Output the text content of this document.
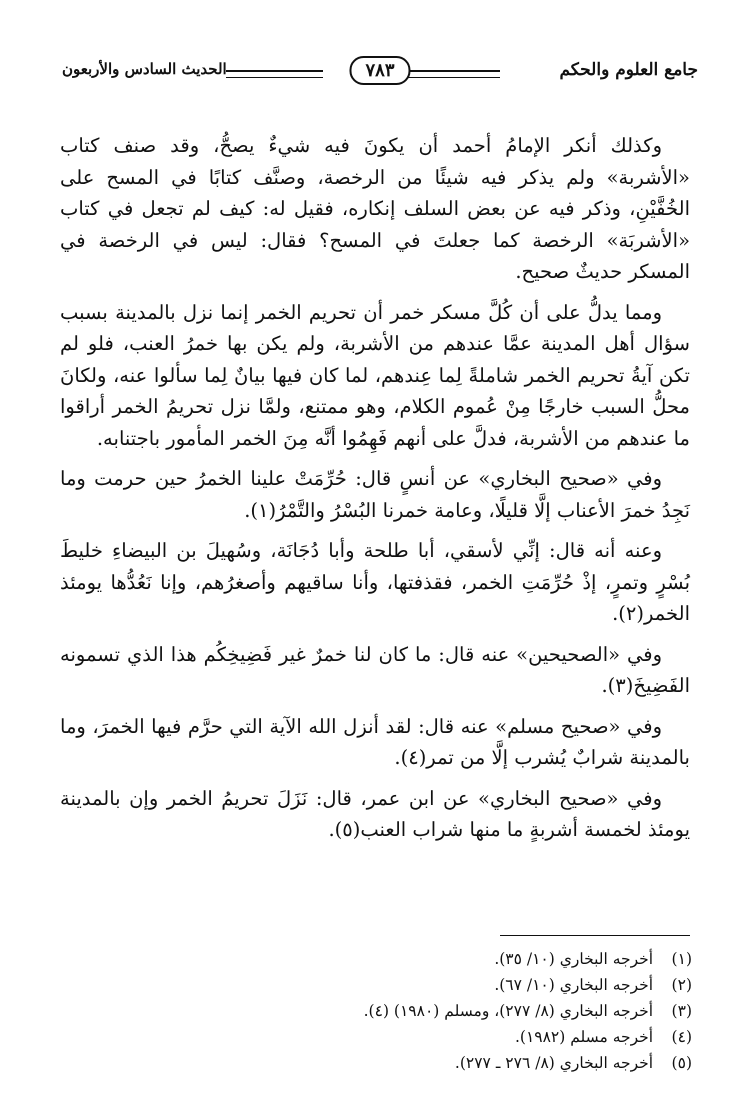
جامع العلوم والحكم
٧٨٣
الحديث السادس والأربعون

وكذلك أنكر الإمامُ أحمد أن يكونَ فيه شيءٌ يصحُّ، وقد صنف كتاب «الأشربة» ولم يذكر فيه شيئًا من الرخصة، وصنَّف كتابًا في المسح على الخُفَّيْنِ، وذكر فيه عن بعض السلف إنكاره، فقيل له: كيف لم تجعل في كتاب «الأشربَة» الرخصة كما جعلتَ في المسح؟ فقال: ليس في الرخصة في المسكر حديثٌ صحيح.

ومما يدلُّ على أن كُلَّ مسكر خمر أن تحريم الخمر إنما نزل بالمدينة بسبب سؤال أهل المدينة عمَّا عندهم من الأشربة، ولم يكن بها خمرُ العنب، فلو لم تكن آيةُ تحريم الخمر شاملةً لِما عِندهم، لما كان فيها بيانٌ لِما سألوا عنه، ولكانَ محلُّ السبب خارجًا مِنْ عُموم الكلام، وهو ممتنع، ولمَّا نزل تحريمُ الخمر أراقوا ما عندهم من الأشربة، فدلَّ على أنهم فَهِمُوا أنَّه مِنَ الخمر المأمور باجتنابه.

وفي «صحيح البخاري» عن أنسٍ قال: حُرِّمَتْ علينا الخمرُ حين حرمت وما نَجِدُ خمرَ الأعناب إلَّا قليلًا، وعامة خمرنا البُسْرُ والتَّمْرُ(١).

وعنه أنه قال: إنِّي لأسقي، أبا طلحة وأبا دُجَانَة، وسُهيلَ بن البيضاءِ خليطَ بُسْرٍ وتمرٍ، إذْ حُرِّمَتِ الخمر، فقذفتها، وأنا ساقيهم وأصغرُهم، وإنا نَعُدُّها يومئذ الخمر(٢).

وفي «الصحيحين» عنه قال: ما كان لنا خمرٌ غير فَضِيخِكُم هذا الذي تسمونه الفَضِيخَ(٣).

وفي «صحيح مسلم» عنه قال: لقد أنزل الله الآية التي حرَّم فيها الخمرَ، وما بالمدينة شرابٌ يُشرب إلَّا من تمر(٤).

وفي «صحيح البخاري» عن ابن عمر، قال: نَزَلَ تحريمُ الخمر وإن بالمدينة يومئذ لخمسة أشربةٍ ما منها شراب العنب(٥).

(١) أخرجه البخاري (١٠/ ٣٥).
(٢) أخرجه البخاري (١٠/ ٦٧).
(٣) أخرجه البخاري (٨/ ٢٧٧)، ومسلم (١٩٨٠) (٤).
(٤) أخرجه مسلم (١٩٨٢).
(٥) أخرجه البخاري (٨/ ٢٧٦ ـ ٢٧٧).
